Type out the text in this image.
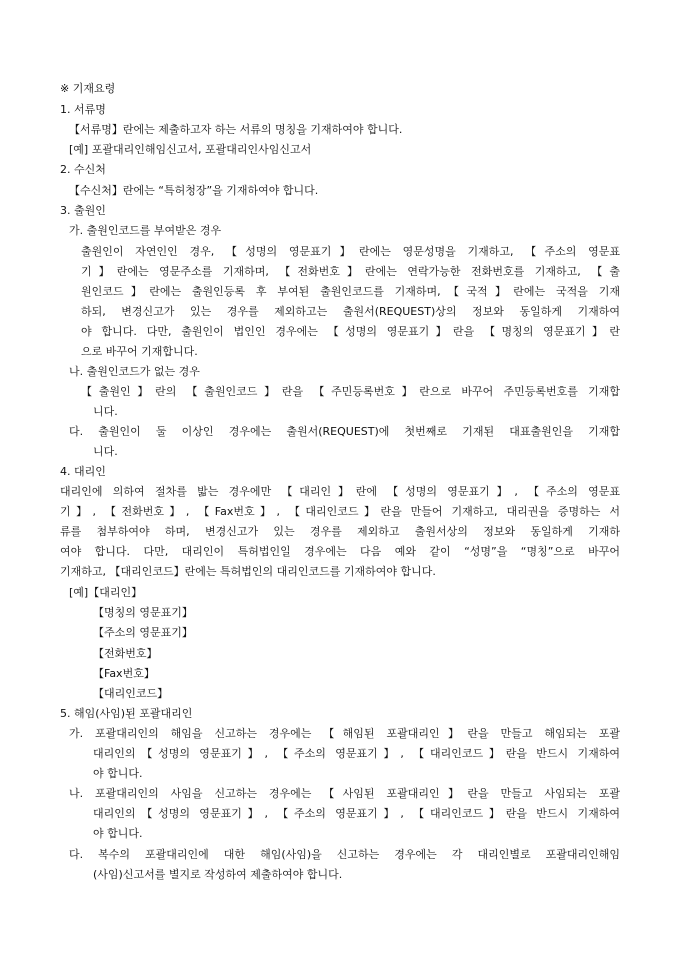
※ 기재요령
1. 서류명
【서류명】란에는 제출하고자 하는 서류의 명칭을 기재하여야 합니다.
[예] 포괄대리인해임신고서, 포괄대리인사임신고서
2. 수신처
【수신처】란에는 “특허청장”을 기재하여야 합니다.
3. 출원인
가. 출원인코드를 부여받은 경우
출원인이 자연인인 경우, 【성명의 영문표기】란에는 영문성명을 기재하고, 【주소의 영문표
기】란에는 영문주소를 기재하며, 【전화번호】란에는 연락가능한 전화번호를 기재하고, 【출
원인코드】란에는 출원인등록 후 부여된 출원인코드를 기재하며,【국적】란에는 국적을 기재
하되, 변경신고가 있는 경우를 제외하고는 출원서(REQUEST)상의 정보와 동일하게 기재하여
야 합니다. 다만, 출원인이 법인인 경우에는 【성명의 영문표기】란을 【명칭의 영문표기】란
으로 바꾸어 기재합니다.
나. 출원인코드가 없는 경우
【출원인】란의 【출원인코드】란을 【주민등록번호】란으로 바꾸어 주민등록번호를 기재합
니다.
다. 출원인이 둘 이상인 경우에는 출원서(REQUEST)에 첫번째로 기재된 대표출원인을 기재합
니다.
4. 대리인
대리인에 의하여 절차를 밟는 경우에만 【대리인】란에 【성명의 영문표기】, 【주소의 영문표
기】, 【전화번호】, 【Fax번호】, 【대리인코드】란을 만들어 기재하고, 대리권을 증명하는 서
류를 첨부하여야 하며, 변경신고가 있는 경우를 제외하고 출원서상의 정보와 동일하게 기재하
여야 합니다. 다만, 대리인이 특허법인일 경우에는 다음 예와 같이 “성명”을 “명칭”으로 바꾸어
기재하고, 【대리인코드】란에는 특허법인의 대리인코드를 기재하여야 합니다.
[예]【대리인】
【명칭의 영문표기】
【주소의 영문표기】
【전화번호】
【Fax번호】
【대리인코드】
5. 해임(사임)된 포괄대리인
가. 포괄대리인의 해임을 신고하는 경우에는 【해임된 포괄대리인】란을 만들고 해임되는 포괄
대리인의【성명의 영문표기】, 【주소의 영문표기】, 【대리인코드】란을 반드시 기재하여
야 합니다.
나. 포괄대리인의 사임을 신고하는 경우에는 【사임된 포괄대리인】란을 만들고 사임되는 포괄
대리인의【성명의 영문표기】, 【주소의 영문표기】, 【대리인코드】란을 반드시 기재하여
야 합니다.
다. 복수의 포괄대리인에 대한 해임(사임)을 신고하는 경우에는 각 대리인별로 포괄대리인해임
(사임)신고서를 별지로 작성하여 제출하여야 합니다.
